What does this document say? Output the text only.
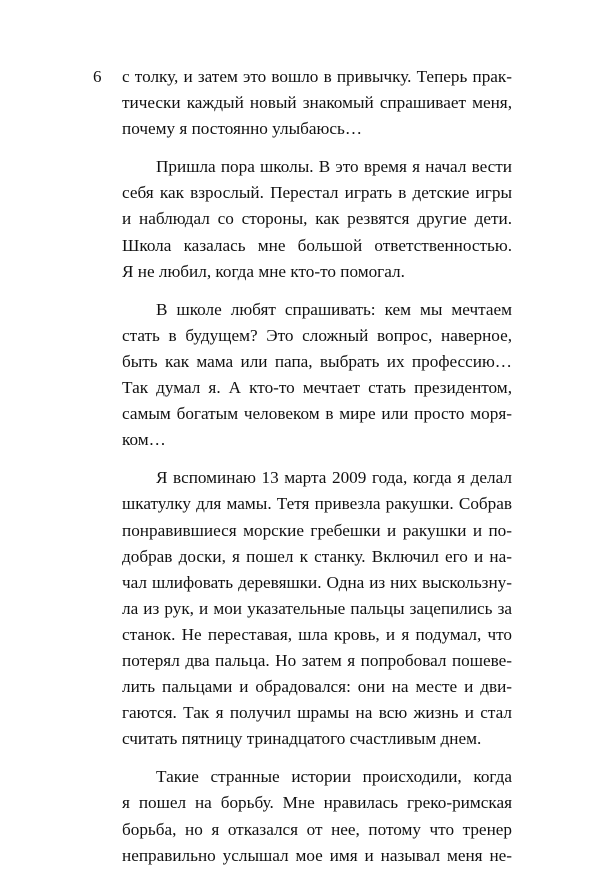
6 с толку, и затем это вошло в привычку. Теперь прак-
тически каждый новый знакомый спрашивает меня,
почему я постоянно улыбаюсь…
Пришла пора школы. В это время я начал вести
себя как взрослый. Перестал играть в детские игры
и наблюдал со стороны, как резвятся другие дети.
Школа казалась мне большой ответственностью.
Я не любил, когда мне кто-то помогал.
В школе любят спрашивать: кем мы мечтаем
стать в будущем? Это сложный вопрос, наверное,
быть как мама или папа, выбрать их профессию…
Так думал я. А кто-то мечтает стать президентом,
самым богатым человеком в мире или просто моря-
ком…
Я вспоминаю 13 марта 2009 года, когда я делал
шкатулку для мамы. Тетя привезла ракушки. Собрав
понравившиеся морские гребешки и ракушки и по-
добрав доски, я пошел к станку. Включил его и на-
чал шлифовать деревяшки. Одна из них выскользну-
ла из рук, и мои указательные пальцы зацепились за
станок. Не переставая, шла кровь, и я подумал, что
потерял два пальца. Но затем я попробовал пошеве-
лить пальцами и обрадовался: они на месте и дви-
гаются. Так я получил шрамы на всю жизнь и стал
считать пятницу тринадцатого счастливым днем.
Такие странные истории происходили, когда
я пошел на борьбу. Мне нравилась греко-римская
борьба, но я отказался от нее, потому что тренер
неправильно услышал мое имя и называл меня не-
